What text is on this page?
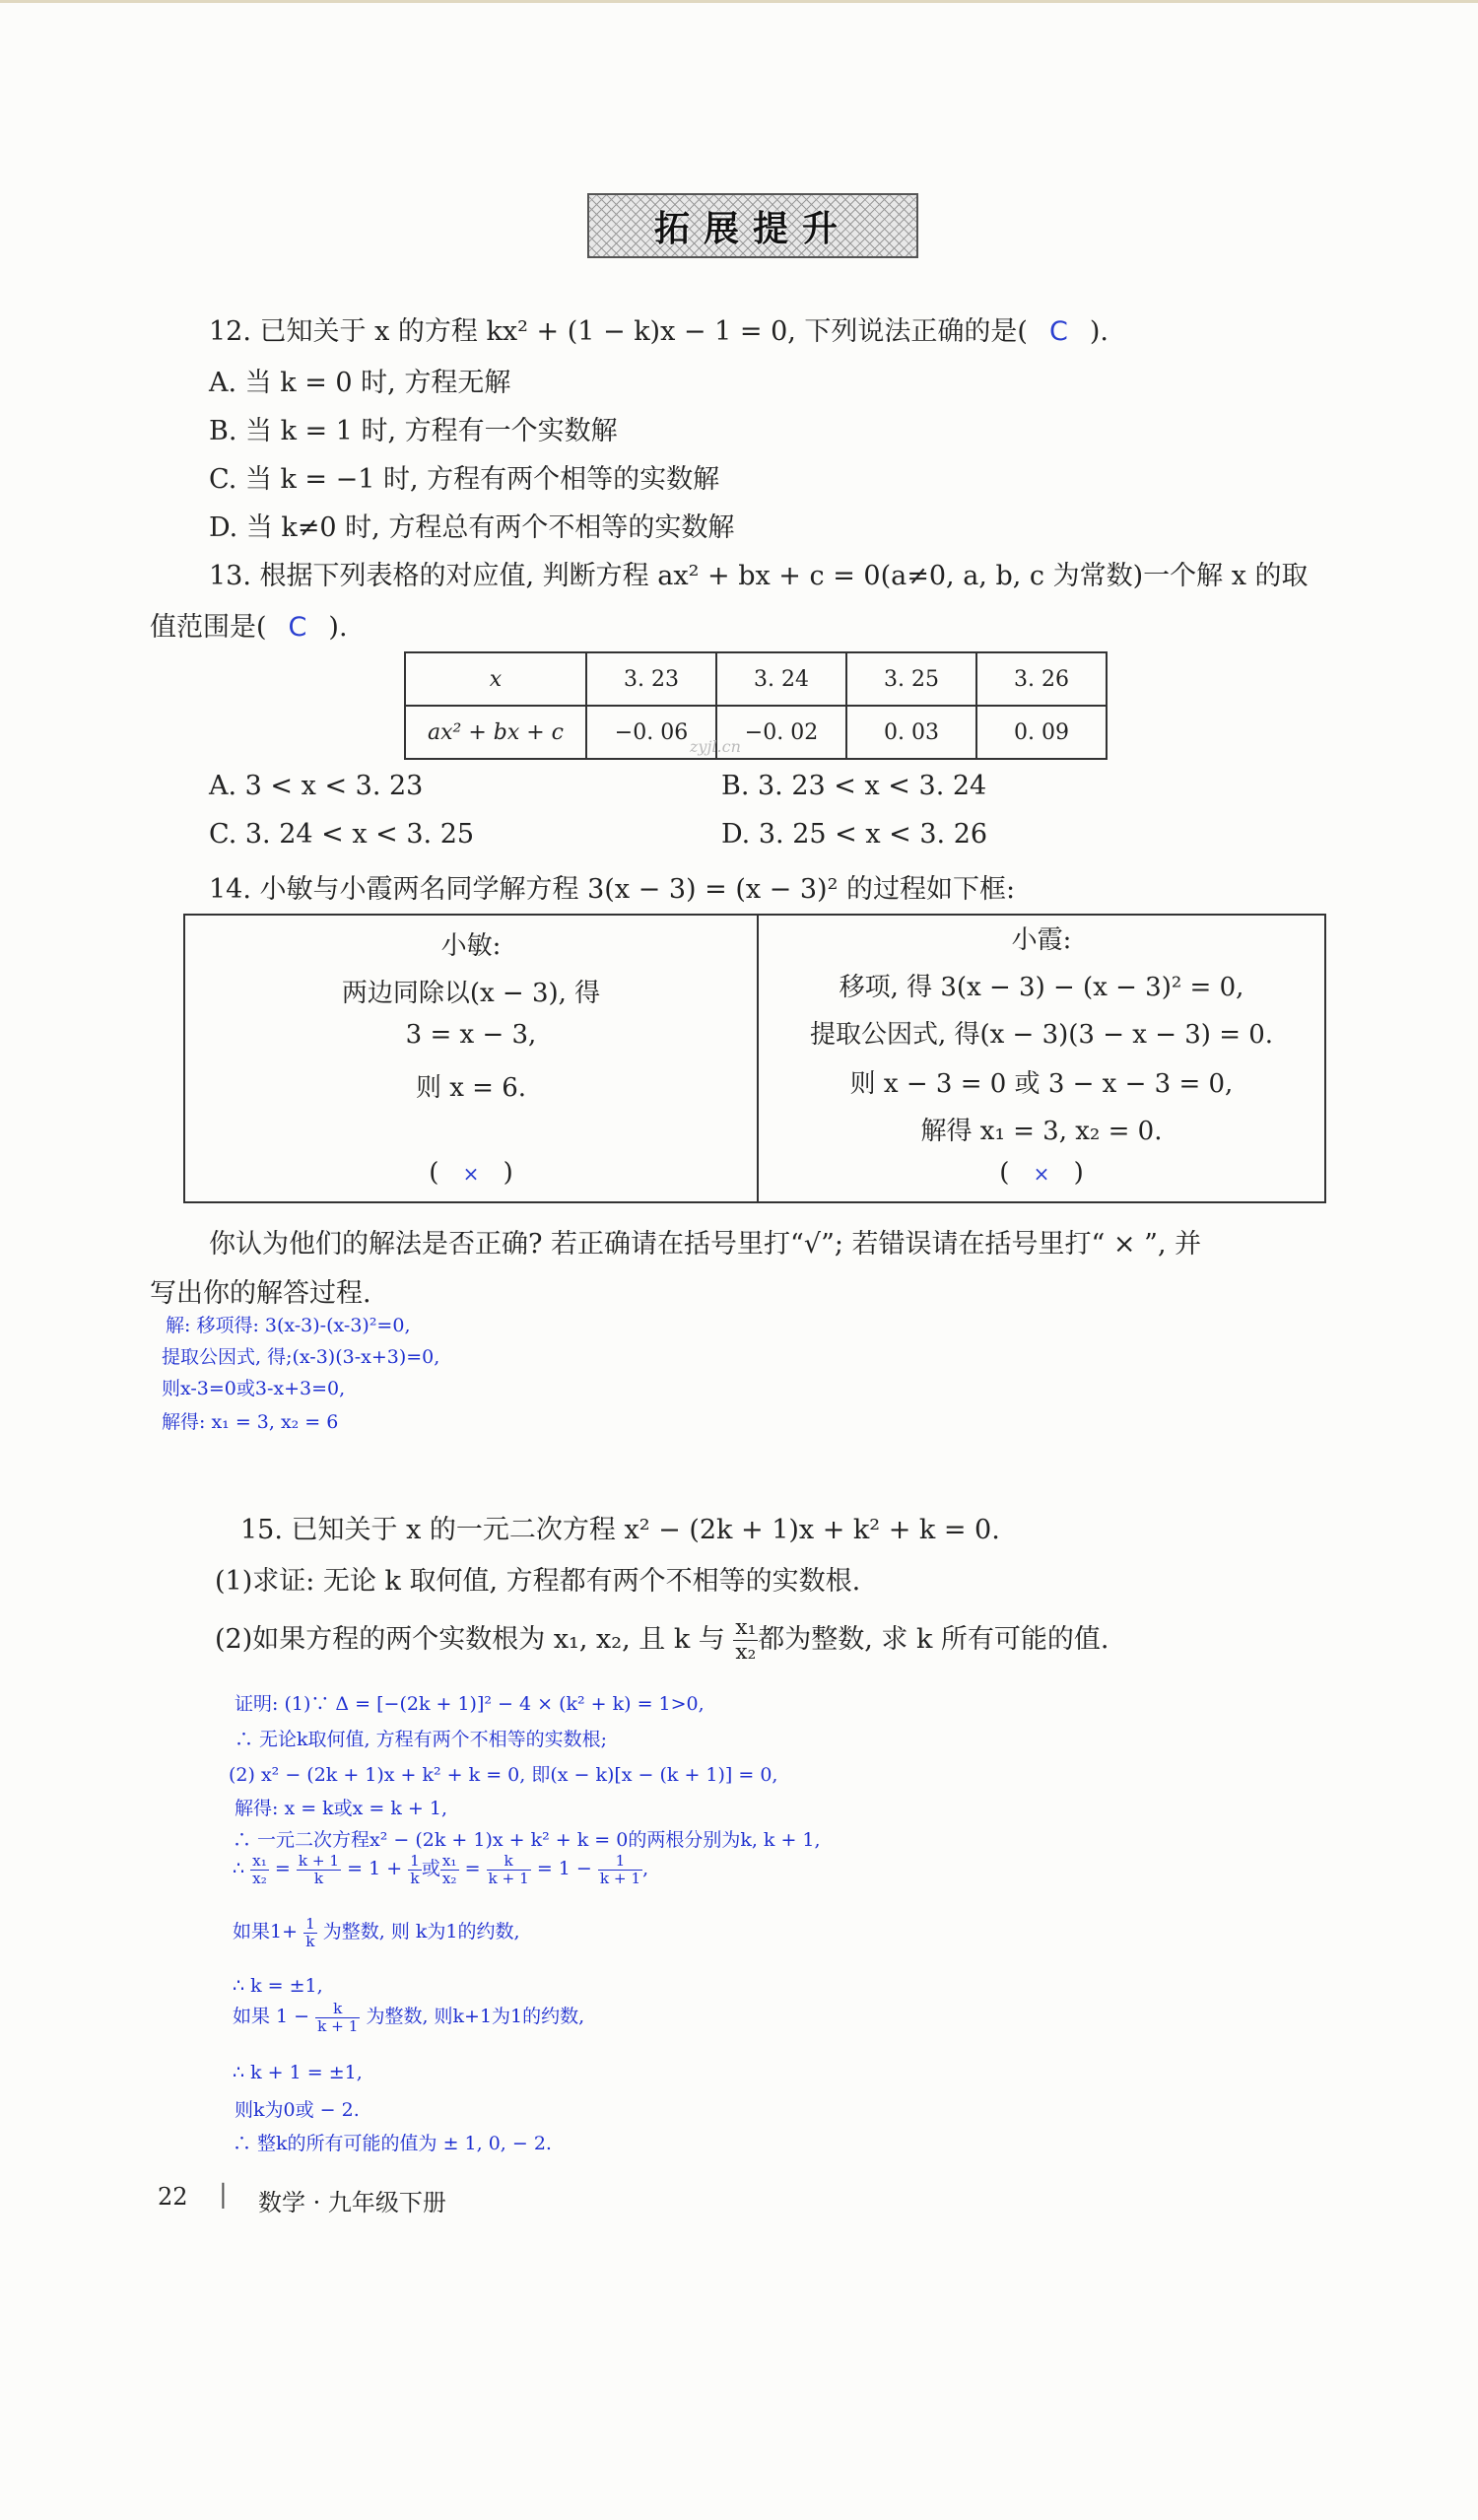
拓展提升
12. 已知关于 x 的方程 kx² + (1 − k)x − 1 = 0, 下列说法正确的是( C ).
A. 当 k = 0 时, 方程无解
B. 当 k = 1 时, 方程有一个实数解
C. 当 k = −1 时, 方程有两个相等的实数解
D. 当 k≠0 时, 方程总有两个不相等的实数解
13. 根据下列表格的对应值, 判断方程 ax² + bx + c = 0(a≠0, a, b, c 为常数)一个解 x 的取
值范围是( C ).
x	3. 23	3. 24	3. 25	3. 26
ax² + bx + c	−0. 06	−0. 02	0. 03	0. 09
zyjl.cn
A. 3 < x < 3. 23	B. 3. 23 < x < 3. 24
C. 3. 24 < x < 3. 25	D. 3. 25 < x < 3. 26
14. 小敏与小霞两名同学解方程 3(x − 3) = (x − 3)² 的过程如下框:
小敏:
两边同除以(x − 3), 得
3 = x − 3,
则 x = 6.
( × )
小霞:
移项, 得 3(x − 3) − (x − 3)² = 0,
提取公因式, 得(x − 3)(3 − x − 3) = 0.
则 x − 3 = 0 或 3 − x − 3 = 0,
解得 x₁ = 3, x₂ = 0.
( × )
你认为他们的解法是否正确? 若正确请在括号里打“√”; 若错误请在括号里打“ × ”, 并
写出你的解答过程.
解: 移项得: 3(x-3)-(x-3)²=0,
提取公因式, 得;(x-3)(3-x+3)=0,
则x-3=0或3-x+3=0,
解得: x₁ = 3, x₂ = 6
15. 已知关于 x 的一元二次方程 x² − (2k + 1)x + k² + k = 0.
(1)求证: 无论 k 取何值, 方程都有两个不相等的实数根.
(2)如果方程的两个实数根为 x₁, x₂, 且 k 与 $\frac{\text{x₁}}{\text{x₂}}$ 都为整数, 求 k 所有可能的值.
证明: (1)∵ Δ = [−(2k + 1)]² − 4 × (k² + k) = 1>0,
∴ 无论k取何值, 方程有两个不相等的实数根;
(2) x² − (2k + 1)x + k² + k = 0, 即(x − k)[x − (k + 1)] = 0,
解得: x = k或x = k + 1,
∴ 一元二次方程x² − (2k + 1)x + k² + k = 0的两根分别为k, k + 1,
∴ $\frac{\text{x₁}}{\text{x₂}} = \frac{k + 1}{k} = 1 + \frac{1}{k}$ 或 $\frac{\text{x₁}}{\text{x₂}} = \frac{k}{k + 1} = 1 - \frac{1}{k + 1}$ ,
如果$1+ \frac{1}{k}$ 为整数, 则 k为1的约数,
∴ k = ±1,
如果 $1 - \frac{k}{k + 1}$ 为整数, 则k+1为1的约数,
∴ k + 1 = ±1,
则k为0或 − 2.
∴ 整k的所有可能的值为 ± 1, 0, − 2.
22 | 数学 · 九年级下册
